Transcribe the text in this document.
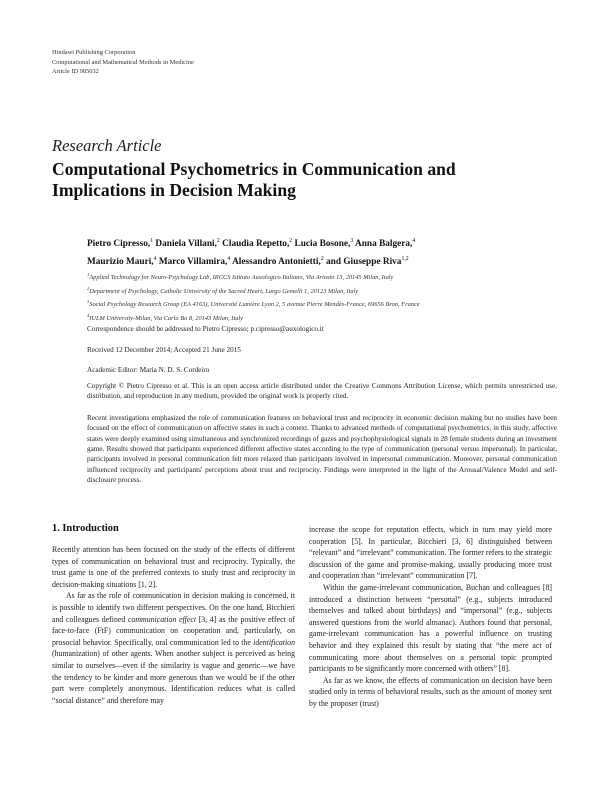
Hindawi Publishing Corporation
Computational and Mathematical Methods in Medicine
Article ID 985032
Research Article
Computational Psychometrics in Communication and
Implications in Decision Making
Pietro Cipresso,$^1$ Daniela Villani,$^2$ Claudia Repetto,$^2$ Lucia Bosone,$^3$ Anna Balgera,$^4$
Maurizio Mauri,$^4$ Marco Villamira,$^4$ Alessandro Antonietti,$^2$ and Giuseppe Riva$^{1,2}$
$^1$Applied Technology for Neuro-Psychology Lab, IRCCS Istituto Auxologico Italiano, Via Ariosto 13, 20145 Milan, Italy
$^2$Department of Psychology, Catholic University of the Sacred Heart, Largo Gemelli 1, 20123 Milan, Italy
$^3$Social Psychology Research Group (EA 4163), Université Lumière Lyon 2, 5 avenue Pierre Mendès-France, 69656 Bron, France
$^4$IULM University-Milan, Via Carlo Bo 8, 20143 Milan, Italy
Correspondence should be addressed to Pietro Cipresso; p.cipresso@auxologico.it
Received 12 December 2014; Accepted 21 June 2015
Academic Editor: Maria N. D. S. Cordeiro
Copyright © Pietro Cipresso et al. This is an open access article distributed under the Creative Commons Attribution License, which permits unrestricted use, distribution, and reproduction in any medium, provided the original work is properly cited.
Recent investigations emphasized the role of communication features on behavioral trust and reciprocity in economic decision making but no studies have been focused on the effect of communication on affective states in such a context. Thanks to advanced methods of computational psychometrics, in this study, affective states were deeply examined using simultaneous and synchronized recordings of gazes and psychophysiological signals in 28 female students during an investment game. Results showed that participants experienced different affective states according to the type of communication (personal versus impersonal). In particular, participants involved in personal communication felt more relaxed than participants involved in impersonal communication. Moreover, personal communication influenced reciprocity and participants' perceptions about trust and reciprocity. Findings were interpreted in the light of the Arousal/Valence Model and self-disclosure process.
1. Introduction

Recently attention has been focused on the study of the effects of different types of communication on behavioral trust and reciprocity. Typically, the trust game is one of the preferred contexts to study trust and reciprocity in decision-making situations [1, 2].

As far as the role of communication in decision making is concerned, it is possible to identify two different perspectives. On the one hand, Bicchieri and colleagues defined communication effect [3, 4] as the positive effect of face-to-face (FtF) communication on cooperation and, particularly, on prosocial behavior. Specifically, oral communication led to the identification (humanization) of other agents. When another subject is perceived as being similar to ourselves—even if the similarity is vague and generic—we have the tendency to be kinder and more generous than we would be if the other part were completely anonymous. Identification reduces what is called “social distance” and therefore may

increase the scope for reputation effects, which in turn may yield more cooperation [5]. In particular, Bicchieri [3, 6] distinguished between “relevant” and “irrelevant” communication. The former refers to the strategic discussion of the game and promise-making, usually producing more trust and cooperation than “irrelevant” communication [7].

Within the game-irrelevant communication, Buchan and colleagues [8] introduced a distinction between “personal” (e.g., subjects introduced themselves and talked about birthdays) and “impersonal” (e.g., subjects answered questions from the world almanac). Authors found that personal, game-irrelevant communication has a powerful influence on trusting behavior and they explained this result by stating that “the mere act of communicating more about themselves on a personal topic prompted participants to be significantly more concerned with others” [8].

As far as we know, the effects of communication on decision have been studied only in terms of behavioral results, such as the amount of money sent by the proposer (trust)
